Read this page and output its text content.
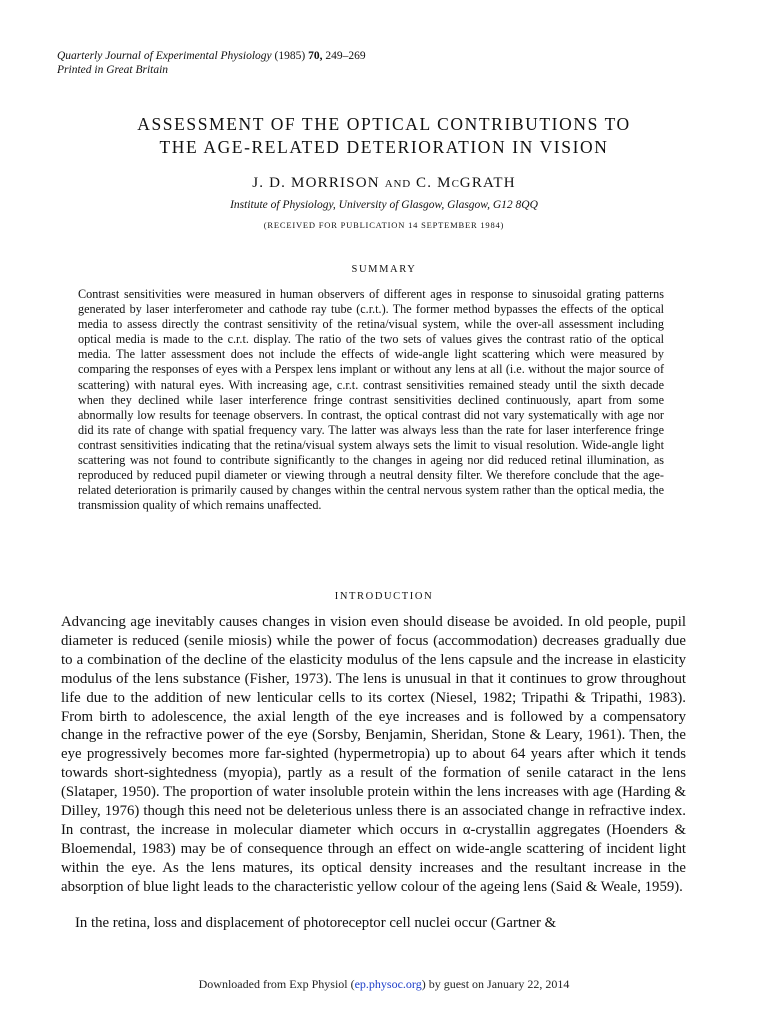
Quarterly Journal of Experimental Physiology (1985) 70, 249–269
Printed in Great Britain
ASSESSMENT OF THE OPTICAL CONTRIBUTIONS TO
THE AGE-RELATED DETERIORATION IN VISION
J. D. MORRISON AND C. MCGRATH
Institute of Physiology, University of Glasgow, Glasgow, G12 8QQ
(RECEIVED FOR PUBLICATION 14 SEPTEMBER 1984)
SUMMARY

Contrast sensitivities were measured in human observers of different ages in response to sinusoidal grating patterns generated by laser interferometer and cathode ray tube (c.r.t.). The former method bypasses the effects of the optical media to assess directly the contrast sensitivity of the retina/visual system, while the over-all assessment including optical media is made to the c.r.t. display. The ratio of the two sets of values gives the contrast ratio of the optical media. The latter assessment does not include the effects of wide-angle light scattering which were measured by comparing the responses of eyes with a Perspex lens implant or without any lens at all (i.e. without the major source of scattering) with natural eyes. With increasing age, c.r.t. contrast sensitivities remained steady until the sixth decade when they declined while laser interference fringe contrast sensitivities declined continuously, apart from some abnormally low results for teenage observers. In contrast, the optical contrast did not vary systematically with age nor did its rate of change with spatial frequency vary. The latter was always less than the rate for laser interference fringe contrast sensitivities indicating that the retina/visual system always sets the limit to visual resolution. Wide-angle light scattering was not found to contribute significantly to the changes in ageing nor did reduced retinal illumination, as reproduced by reduced pupil diameter or viewing through a neutral density filter. We therefore conclude that the age-related deterioration is primarily caused by changes within the central nervous system rather than the optical media, the transmission quality of which remains unaffected.

INTRODUCTION

Advancing age inevitably causes changes in vision even should disease be avoided. In old people, pupil diameter is reduced (senile miosis) while the power of focus (accommodation) decreases gradually due to a combination of the decline of the elasticity modulus of the lens capsule and the increase in elasticity modulus of the lens substance (Fisher, 1973). The lens is unusual in that it continues to grow throughout life due to the addition of new lenticular cells to its cortex (Niesel, 1982; Tripathi & Tripathi, 1983). From birth to adolescence, the axial length of the eye increases and is followed by a compensatory change in the refractive power of the eye (Sorsby, Benjamin, Sheridan, Stone & Leary, 1961). Then, the eye progressively becomes more far-sighted (hypermetropia) up to about 64 years after which it tends towards short-sightedness (myopia), partly as a result of the formation of senile cataract in the lens (Slataper, 1950). The proportion of water insoluble protein within the lens increases with age (Harding & Dilley, 1976) though this need not be deleterious unless there is an associated change in refractive index. In contrast, the increase in molecular diameter which occurs in α-crystallin aggregates (Hoenders & Bloemendal, 1983) may be of consequence through an effect on wide-angle scattering of incident light within the eye. As the lens matures, its optical density increases and the resultant increase in the absorption of blue light leads to the characteristic yellow colour of the ageing lens (Said & Weale, 1959).

In the retina, loss and displacement of photoreceptor cell nuclei occur (Gartner &

Downloaded from Exp Physiol (ep.physoc.org) by guest on January 22, 2014
